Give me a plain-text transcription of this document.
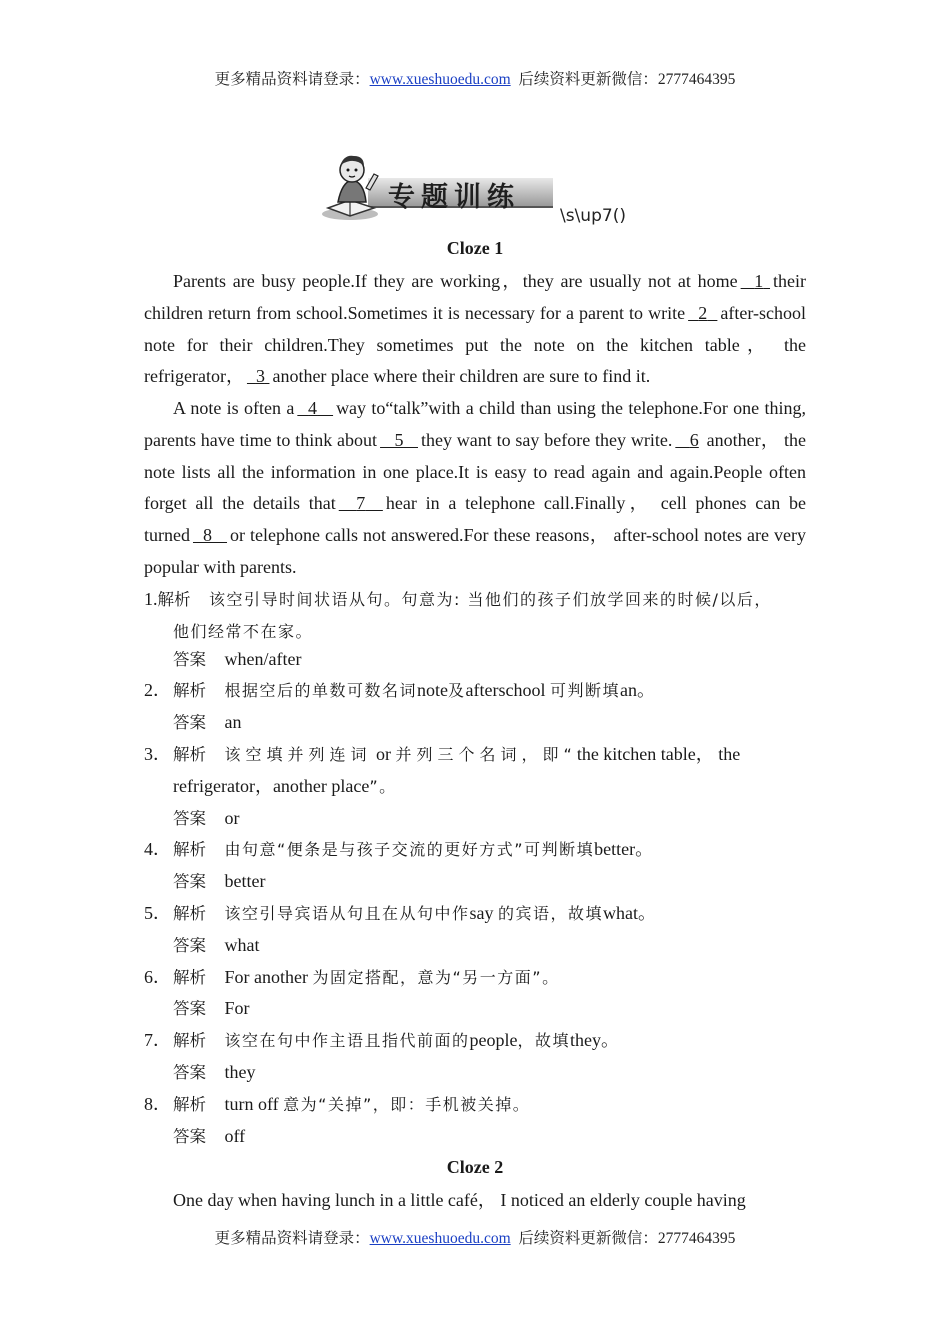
更多精品资料请登录：www.xueshuoedu.com  后续资料更新微信：2777464395
专题训练
\s\up7()
Cloze 1
Parents are busy people.If they are working，they are usually not at home 1 their children return from school.Sometimes it is necessary for a parent to write 2 after-school note for their children.They sometimes put the note on the kitchen table， the refrigerator， 3 another place where their children are sure to find it.
A note is often a 4 way to“talk”with a child than using the telephone.For one thing, parents have time to think about 5 they want to say before they write. 6 another， the note lists all the information in one place.It is easy to read again and again.People often forget all the details that 7 hear in a telephone call.Finally， cell phones can be turned 8 or telephone calls not answered.For these reasons， after-school notes are very popular with parents.
1.解析 该空引导时间状语从句。句意为: 当他们的孩子们放学回来的时候/以后，
他们经常不在家。
答案 when/after
2． 解析 根据空后的单数可数名词note及afterschool 可判断填an。
答案 an
3． 解析 该空填并列连词 or 并列三个名词，即“the kitchen table， the
refrigerator，another place”。
答案 or
4． 解析 由句意“便条是与孩子交流的更好方式”可判断填better。
答案 better
5． 解析 该空引导宾语从句且在从句中作say 的宾语，故填what。
答案 what
6． 解析 For another 为固定搭配，意为“另一方面”。
答案 For
7． 解析 该空在句中作主语且指代前面的people，故填they。
答案 they
8． 解析 turn off 意为“关掉”，即：手机被关掉。
答案 off
Cloze 2
One day when having lunch in a little café， I noticed an elderly couple having
更多精品资料请登录：www.xueshuoedu.com  后续资料更新微信：2777464395
